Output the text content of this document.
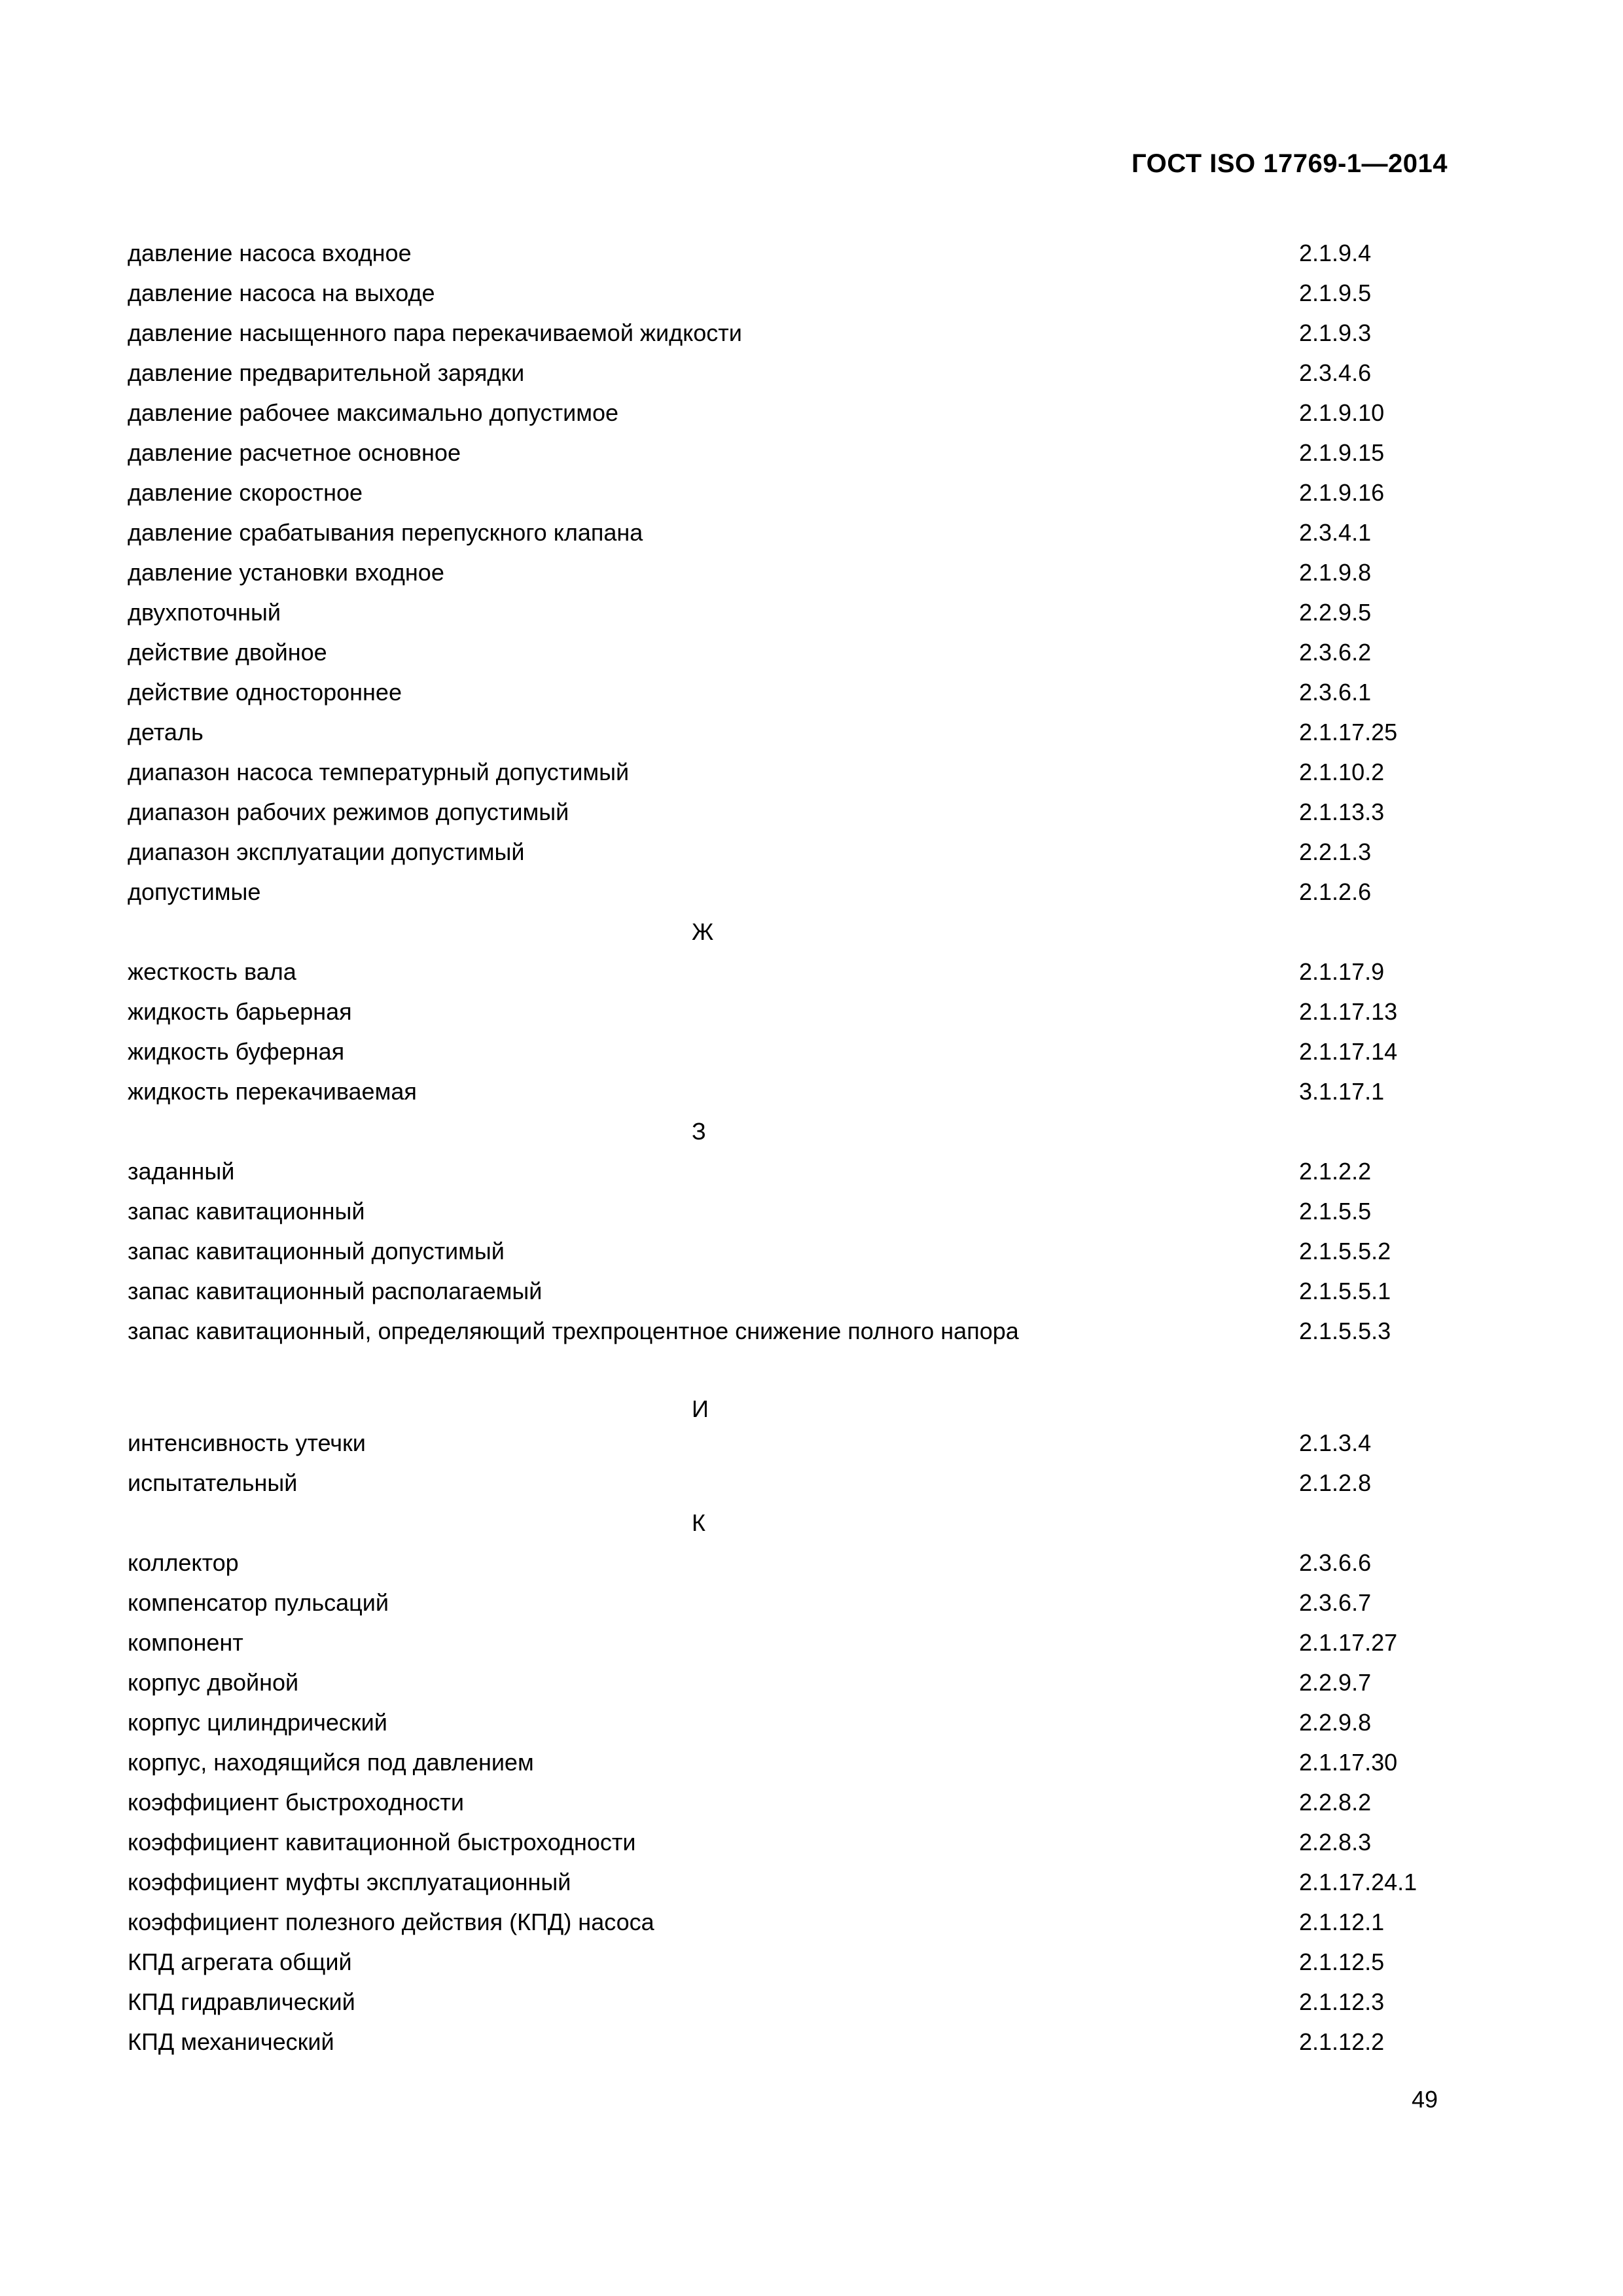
ГОСТ ISO 17769-1—2014
давление насоса входное	2.1.9.4
давление насоса на выходе	2.1.9.5
давление насыщенного пара перекачиваемой жидкости	2.1.9.3
давление предварительной зарядки	2.3.4.6
давление рабочее максимально допустимое	2.1.9.10
давление расчетное основное	2.1.9.15
давление скоростное	2.1.9.16
давление срабатывания перепускного клапана	2.3.4.1
давление установки входное	2.1.9.8
двухпоточный	2.2.9.5
действие двойное	2.3.6.2
действие одностороннее	2.3.6.1
деталь	2.1.17.25
диапазон насоса температурный допустимый	2.1.10.2
диапазон рабочих режимов допустимый	2.1.13.3
диапазон эксплуатации допустимый	2.2.1.3
допустимые	2.1.2.6
Ж
жесткость вала	2.1.17.9
жидкость барьерная	2.1.17.13
жидкость буферная	2.1.17.14
жидкость перекачиваемая	3.1.17.1
З
заданный	2.1.2.2
запас кавитационный	2.1.5.5
запас кавитационный допустимый	2.1.5.5.2
запас кавитационный располагаемый	2.1.5.5.1
запас кавитационный, определяющий трехпроцентное снижение полного напора	2.1.5.5.3
И
интенсивность утечки	2.1.3.4
испытательный	2.1.2.8
К
коллектор	2.3.6.6
компенсатор пульсаций	2.3.6.7
компонент	2.1.17.27
корпус двойной	2.2.9.7
корпус цилиндрический	2.2.9.8
корпус, находящийся под давлением	2.1.17.30
коэффициент быстроходности	2.2.8.2
коэффициент кавитационной быстроходности	2.2.8.3
коэффициент муфты эксплуатационный	2.1.17.24.1
коэффициент полезного действия (КПД) насоса	2.1.12.1
КПД агрегата общий	2.1.12.5
КПД гидравлический	2.1.12.3
КПД механический	2.1.12.2
49
